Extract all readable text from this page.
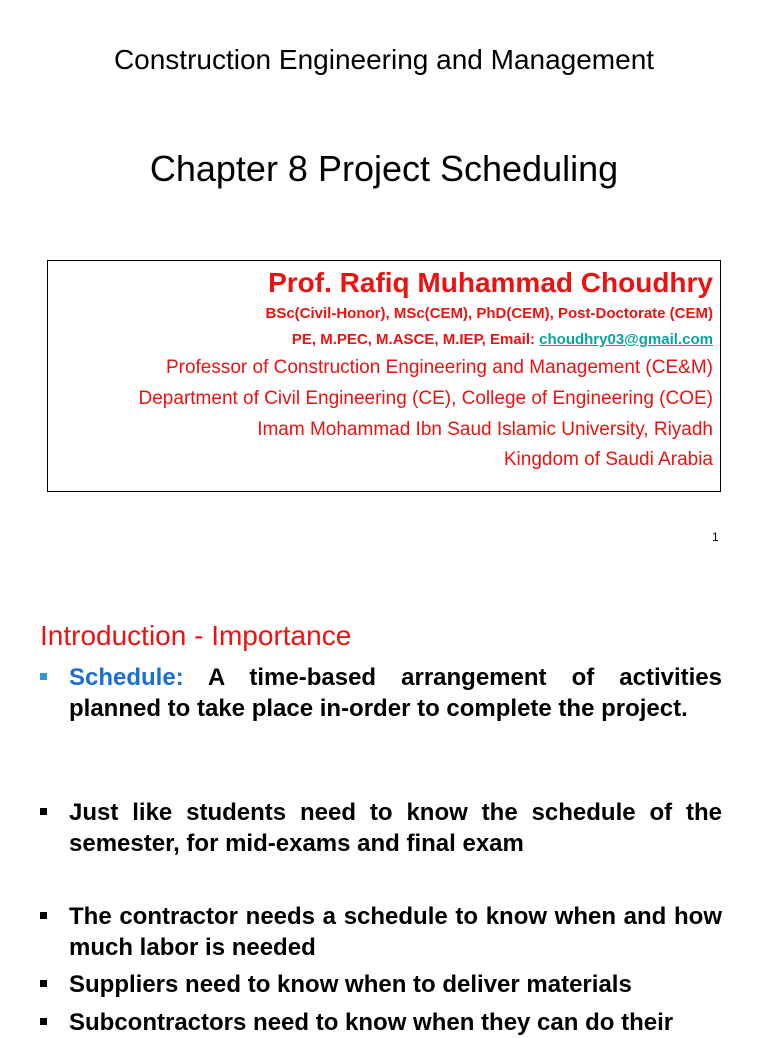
Construction Engineering and Management
Chapter 8 Project Scheduling
Prof. Rafiq Muhammad Choudhry
BSc(Civil-Honor), MSc(CEM), PhD(CEM), Post-Doctorate (CEM)
PE, M.PEC, M.ASCE, M.IEP, Email: choudhry03@gmail.com
Professor of Construction Engineering and Management (CE&M)
Department of Civil Engineering (CE), College of Engineering (COE)
Imam Mohammad Ibn Saud Islamic University, Riyadh
Kingdom of Saudi Arabia
1
Introduction - Importance
Schedule: A time-based arrangement of activities planned to take place in-order to complete the project.
Just like students need to know the schedule of the semester, for mid-exams and final exam
The contractor needs a schedule to know when and how much labor is needed
Suppliers need to know when to deliver materials
Subcontractors need to know when they can do their
